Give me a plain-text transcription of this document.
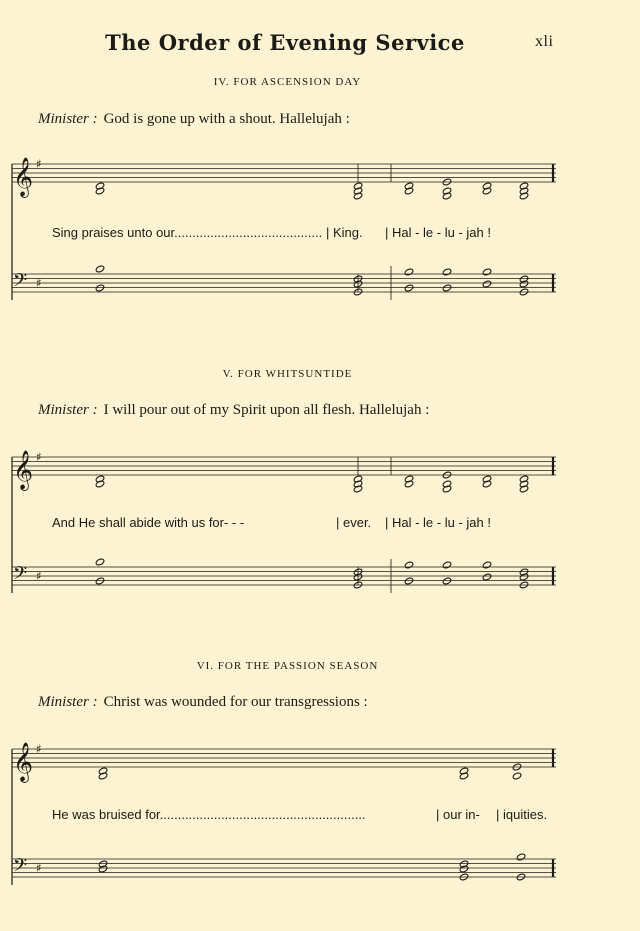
The Order of Evening Service	xli
IV. FOR ASCENSION DAY
Minister : God is gone up with a shout. Hallelujah :
𝄞 ♯
𝄢 ♯
Sing praises unto our......................................... | King. | Hal - le - lu - jah !
V. FOR WHITSUNTIDE
Minister : I will pour out of my Spirit upon all flesh. Hallelujah :
𝄞 ♯
𝄢 ♯
And He shall abide with us for- - -	| ever. | Hal - le - lu - jah !
VI. FOR THE PASSION SEASON
Minister : Christ was wounded for our transgressions :
𝄞 ♯
𝄢 ♯
He was bruised for.........................................................	| our in- | iquities.
